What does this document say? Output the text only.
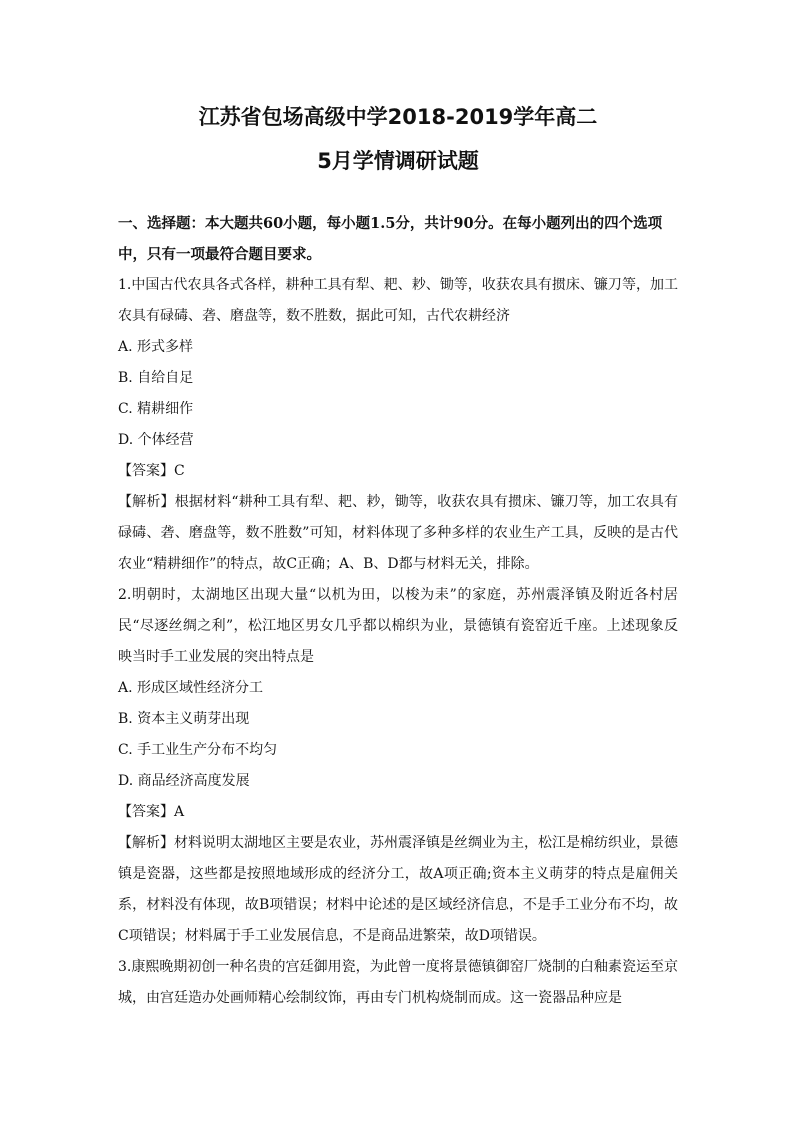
江苏省包场高级中学2018-2019学年高二
5月学情调研试题
一、选择题：本大题共60小题，每小题1.5分，共计90分。在每小题列出的四个选项中，只有一项最符合题目要求。

1.中国古代农具各式各样，耕种工具有犁、耙、耖、锄等，收获农具有掼床、镰刀等，加工农具有碌碡、砻、磨盘等，数不胜数，据此可知，古代农耕经济

A. 形式多样

B. 自给自足

C. 精耕细作

D. 个体经营

【答案】C

【解析】根据材料“耕种工具有犁、耙、耖，锄等，收获农具有掼床、镰刀等，加工农具有碌碡、砻、磨盘等，数不胜数”可知，材料体现了多种多样的农业生产工具，反映的是古代农业“精耕细作”的特点，故C正确；A、B、D都与材料无关，排除。

2.明朝时，太湖地区出现大量“以机为田，以梭为耒”的家庭，苏州震泽镇及附近各村居民“尽逐丝绸之利”，松江地区男女几乎都以棉织为业，景德镇有瓷窑近千座。上述现象反映当时手工业发展的突出特点是

A. 形成区域性经济分工

B. 资本主义萌芽出现

C. 手工业生产分布不均匀

D. 商品经济高度发展

【答案】A

【解析】材料说明太湖地区主要是农业，苏州震泽镇是丝绸业为主，松江是棉纺织业，景德镇是瓷器，这些都是按照地域形成的经济分工，故A项正确;资本主义萌芽的特点是雇佣关系，材料没有体现，故B项错误；材料中论述的是区域经济信息，不是手工业分布不均，故C项错误；材料属于手工业发展信息，不是商品进繁荣，故D项错误。

3.康熙晚期初创一种名贵的宫廷御用瓷，为此曾一度将景德镇御窑厂烧制的白釉素瓷运至京城，由宫廷造办处画师精心绘制纹饰，再由专门机构烧制而成。这一瓷器品种应是
